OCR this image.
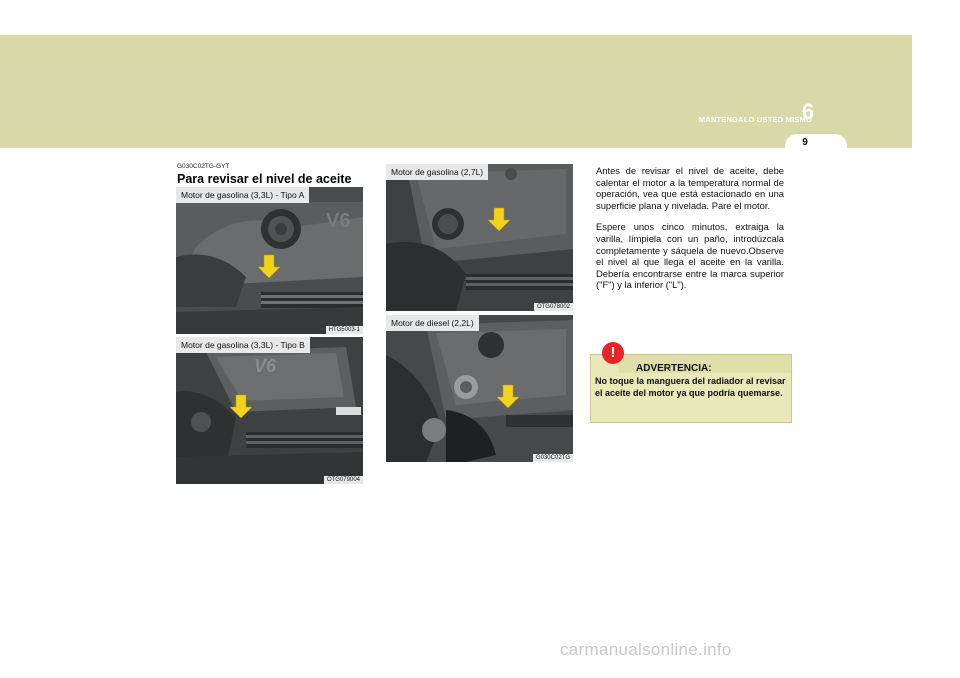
MANTENGALO USTED MISMO
6
9
G030C02TG-GYT
Para revisar el nivel de aceite
V6
Motor de gasolina (3,3L) - Tipo A
HTG5003-1
V6
Motor de gasolina (3,3L) - Tipo B
OTG079004
Motor de gasolina (2,7L)
OTG078002
Motor de diesel (2,2L)
G030C02TG

Antes de revisar el nivel de aceite, debe calentar el motor a la temperatura normal de operación, vea que está estacionado en una superficie plana y nivelada. Pare el motor.

Espere unos cinco minutos, extraiga la varilla, límpiela con un paño, introdúzcala completamente y sáquela de nuevo.Observe el nivel al que llega el aceite en la varilla. Debería encontrarse entre la marca superior ("F") y la inferior ("L").

!
ADVERTENCIA:
No toque la manguera del radiador al revisar el aceite del motor ya que podría quemarse.
carmanualsonline.info
